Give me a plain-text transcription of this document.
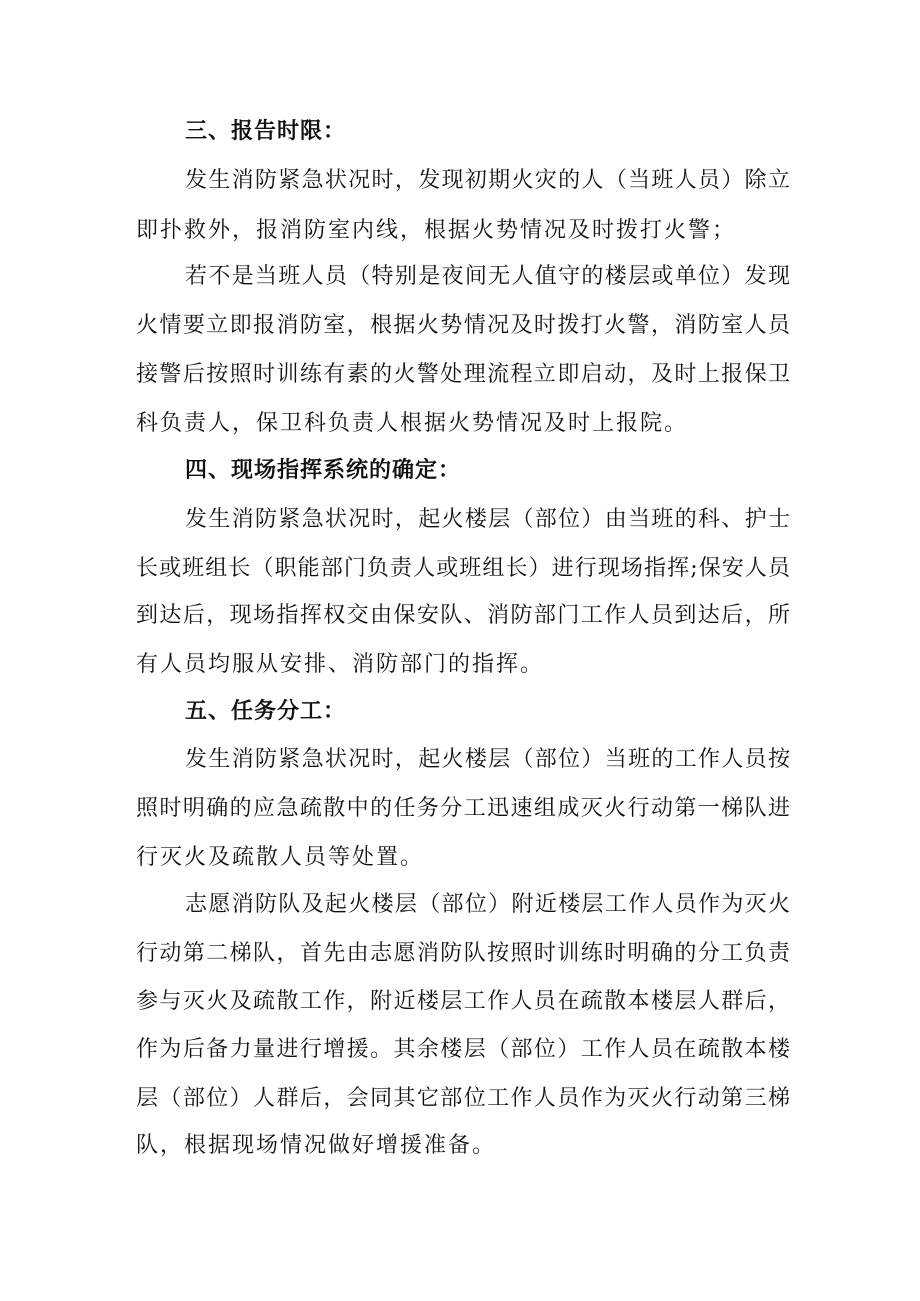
三、报告时限：
发生消防紧急状况时，发现初期火灾的人（当班人员）除立
即扑救外，报消防室内线，根据火势情况及时拨打火警；
若不是当班人员（特别是夜间无人值守的楼层或单位）发现
火情要立即报消防室，根据火势情况及时拨打火警，消防室人员
接警后按照时训练有素的火警处理流程立即启动，及时上报保卫
科负责人，保卫科负责人根据火势情况及时上报院。
四、现场指挥系统的确定：
发生消防紧急状况时，起火楼层（部位）由当班的科、护士
长或班组长（职能部门负责人或班组长）进行现场指挥;保安人员
到达后，现场指挥权交由保安队、消防部门工作人员到达后，所
有人员均服从安排、消防部门的指挥。
五、任务分工：
发生消防紧急状况时，起火楼层（部位）当班的工作人员按
照时明确的应急疏散中的任务分工迅速组成灭火行动第一梯队进
行灭火及疏散人员等处置。
志愿消防队及起火楼层（部位）附近楼层工作人员作为灭火
行动第二梯队，首先由志愿消防队按照时训练时明确的分工负责
参与灭火及疏散工作，附近楼层工作人员在疏散本楼层人群后，
作为后备力量进行增援。其余楼层（部位）工作人员在疏散本楼
层（部位）人群后，会同其它部位工作人员作为灭火行动第三梯
队，根据现场情况做好增援准备。
